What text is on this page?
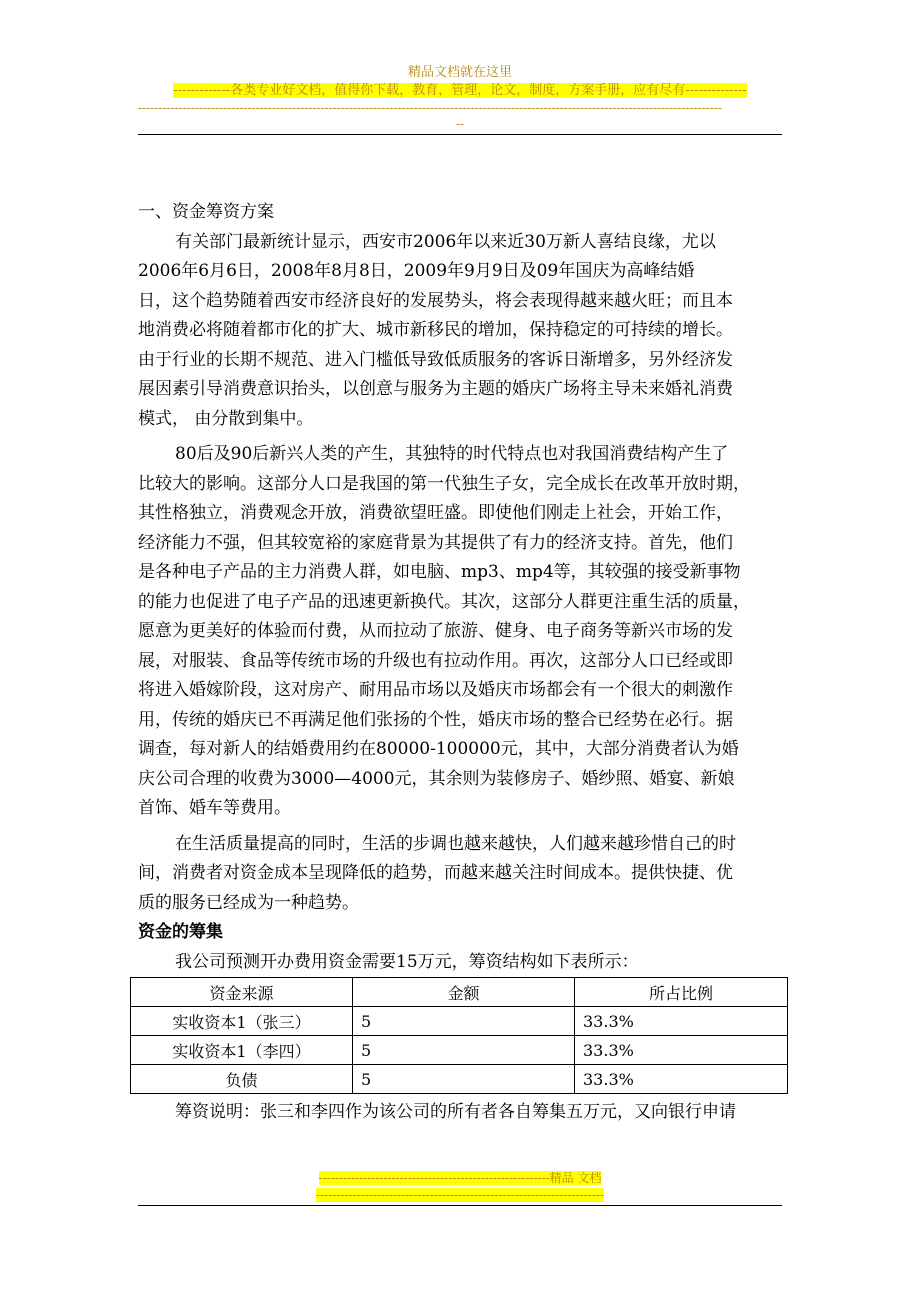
精品文档就在这里
-------------各类专业好文档，值得你下载，教育，管理，论文，制度，方案手册，应有尽有--------------
------------------------------------------------------------------------------------------------------------------------------------------------
--
一、资金筹资方案
有关部门最新统计显示，西安市2006年以来近30万新人喜结良缘，尤以
2006年6月6日，2008年8月8日，2009年9月9日及09年国庆为高峰结婚
日，这个趋势随着西安市经济良好的发展势头，将会表现得越来越火旺；而且本
地消费必将随着都市化的扩大、城市新移民的增加，保持稳定的可持续的增长。
由于行业的长期不规范、进入门槛低导致低质服务的客诉日渐增多，另外经济发
展因素引导消费意识抬头，以创意与服务为主题的婚庆广场将主导未来婚礼消费
模式， 由分散到集中。
80后及90后新兴人类的产生，其独特的时代特点也对我国消费结构产生了
比较大的影响。这部分人口是我国的第一代独生子女，完全成长在改革开放时期，
其性格独立，消费观念开放，消费欲望旺盛。即使他们刚走上社会，开始工作，
经济能力不强，但其较宽裕的家庭背景为其提供了有力的经济支持。首先，他们
是各种电子产品的主力消费人群，如电脑、mp3、mp4等，其较强的接受新事物
的能力也促进了电子产品的迅速更新换代。其次，这部分人群更注重生活的质量，
愿意为更美好的体验而付费，从而拉动了旅游、健身、电子商务等新兴市场的发
展，对服装、食品等传统市场的升级也有拉动作用。再次，这部分人口已经或即
将进入婚嫁阶段，这对房产、耐用品市场以及婚庆市场都会有一个很大的刺激作
用，传统的婚庆已不再满足他们张扬的个性，婚庆市场的整合已经势在必行。据
调查，每对新人的结婚费用约在80000-100000元，其中，大部分消费者认为婚
庆公司合理的收费为3000—4000元，其余则为装修房子、婚纱照、婚宴、新娘
首饰、婚车等费用。
在生活质量提高的同时，生活的步调也越来越快，人们越来越珍惜自己的时
间，消费者对资金成本呈现降低的趋势，而越来越关注时间成本。提供快捷、优
质的服务已经成为一种趋势。
资金的筹集
我公司预测开办费用资金需要15万元，筹资结构如下表所示：
资金来源	金额	所占比例
实收资本1（张三）	5	33.3%
实收资本1（李四）	5	33.3%
负债	5	33.3%
筹资说明：张三和李四作为该公司的所有者各自筹集五万元，又向银行申请
---------------------------------------------------------精品 文档
-----------------------------------------------------------------------
